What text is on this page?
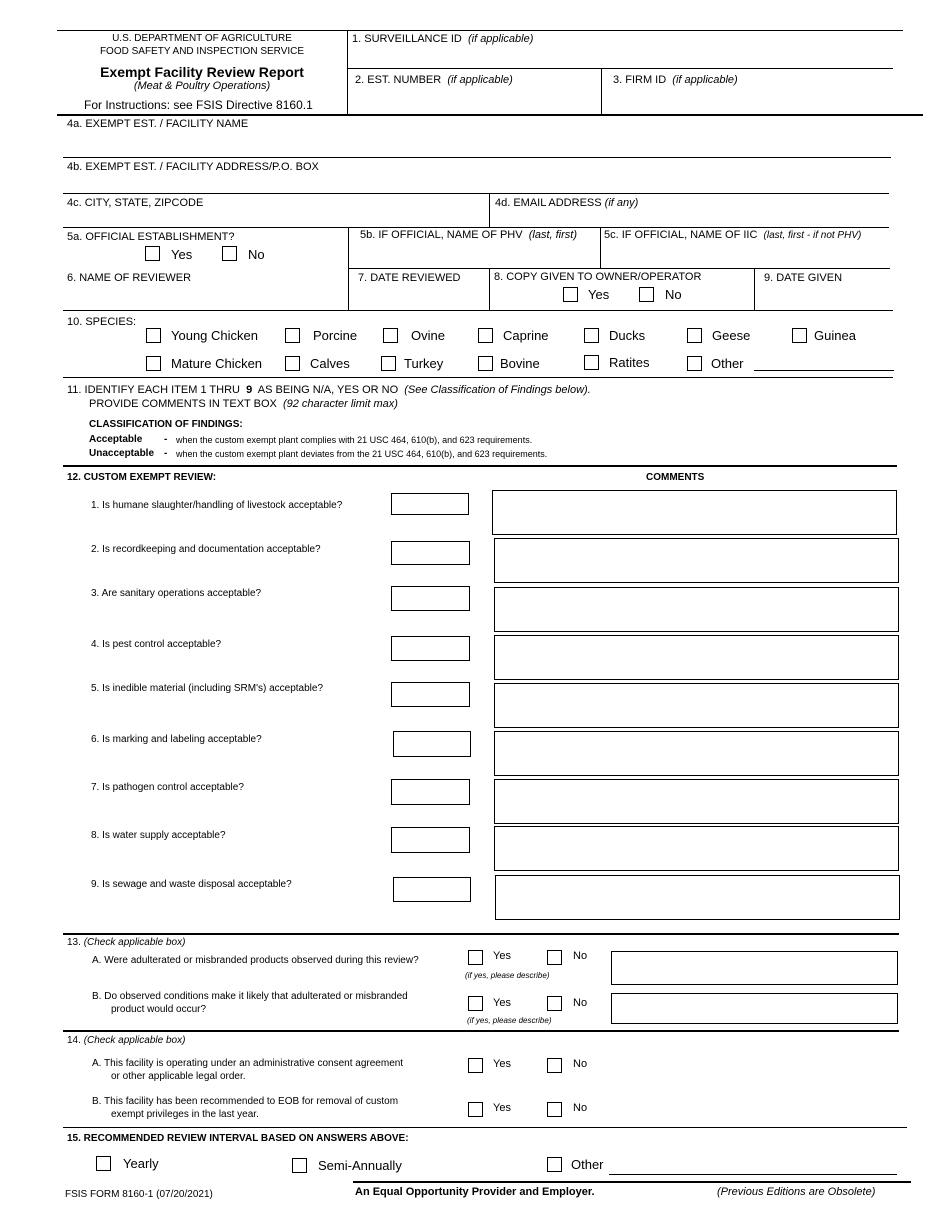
U.S. DEPARTMENT OF AGRICULTURE
FOOD SAFETY AND INSPECTION SERVICE
Exempt Facility Review Report
(Meat & Poultry Operations)
For Instructions: see FSIS Directive 8160.1
1. SURVEILLANCE ID (if applicable)
2. EST. NUMBER (if applicable)	3. FIRM ID (if applicable)
4a. EXEMPT EST. / FACILITY NAME
4b. EXEMPT EST. / FACILITY ADDRESS/P.O. BOX
4c. CITY, STATE, ZIPCODE	4d. EMAIL ADDRESS (if any)
5a. OFFICIAL ESTABLISHMENT?
Yes	No
5b. IF OFFICIAL, NAME OF PHV (last, first) 5c. IF OFFICIAL, NAME OF IIC (last, first - if not PHV)
6. NAME OF REVIEWER	7. DATE REVIEWED	8. COPY GIVEN TO OWNER/OPERATOR
Yes	No
9. DATE GIVEN
10. SPECIES:
Young Chicken	Porcine	Ovine	Caprine	Ducks	Geese	Guinea
Mature Chicken	Calves	Turkey	Bovine	Ratites	Other
11. IDENTIFY EACH ITEM 1 THRU 9 AS BEING N/A, YES OR NO (See Classification of Findings below).
PROVIDE COMMENTS IN TEXT BOX (92 character limit max)
CLASSIFICATION OF FINDINGS:
Acceptable - when the custom exempt plant complies with 21 USC 464, 610(b), and 623 requirements.
Unacceptable - when the custom exempt plant deviates from the 21 USC 464, 610(b), and 623 requirements.
12. CUSTOM EXEMPT REVIEW:	COMMENTS
1. Is humane slaughter/handling of livestock acceptable?
2. Is recordkeeping and documentation acceptable?
3. Are sanitary operations acceptable?
4. Is pest control acceptable?
5. Is inedible material (including SRM's) acceptable?
6. Is marking and labeling acceptable?
7. Is pathogen control acceptable?
8. Is water supply acceptable?
9. Is sewage and waste disposal acceptable?
13. (Check applicable box)
A. Were adulterated or misbranded products observed during this review?	Yes	No
(if yes, please describe)
B. Do observed conditions make it likely that adulterated or misbranded
product would occur?
Yes	No
(if yes, please describe)
14. (Check applicable box)
A. This facility is operating under an administrative consent agreement
or other applicable legal order.
Yes	No
B. This facility has been recommended to EOB for removal of custom
exempt privileges in the last year.
Yes	No
15. RECOMMENDED REVIEW INTERVAL BASED ON ANSWERS ABOVE:
Yearly	Semi-Annually	Other
FSIS FORM 8160-1 (07/20/2021)	An Equal Opportunity Provider and Employer.	(Previous Editions are Obsolete)
